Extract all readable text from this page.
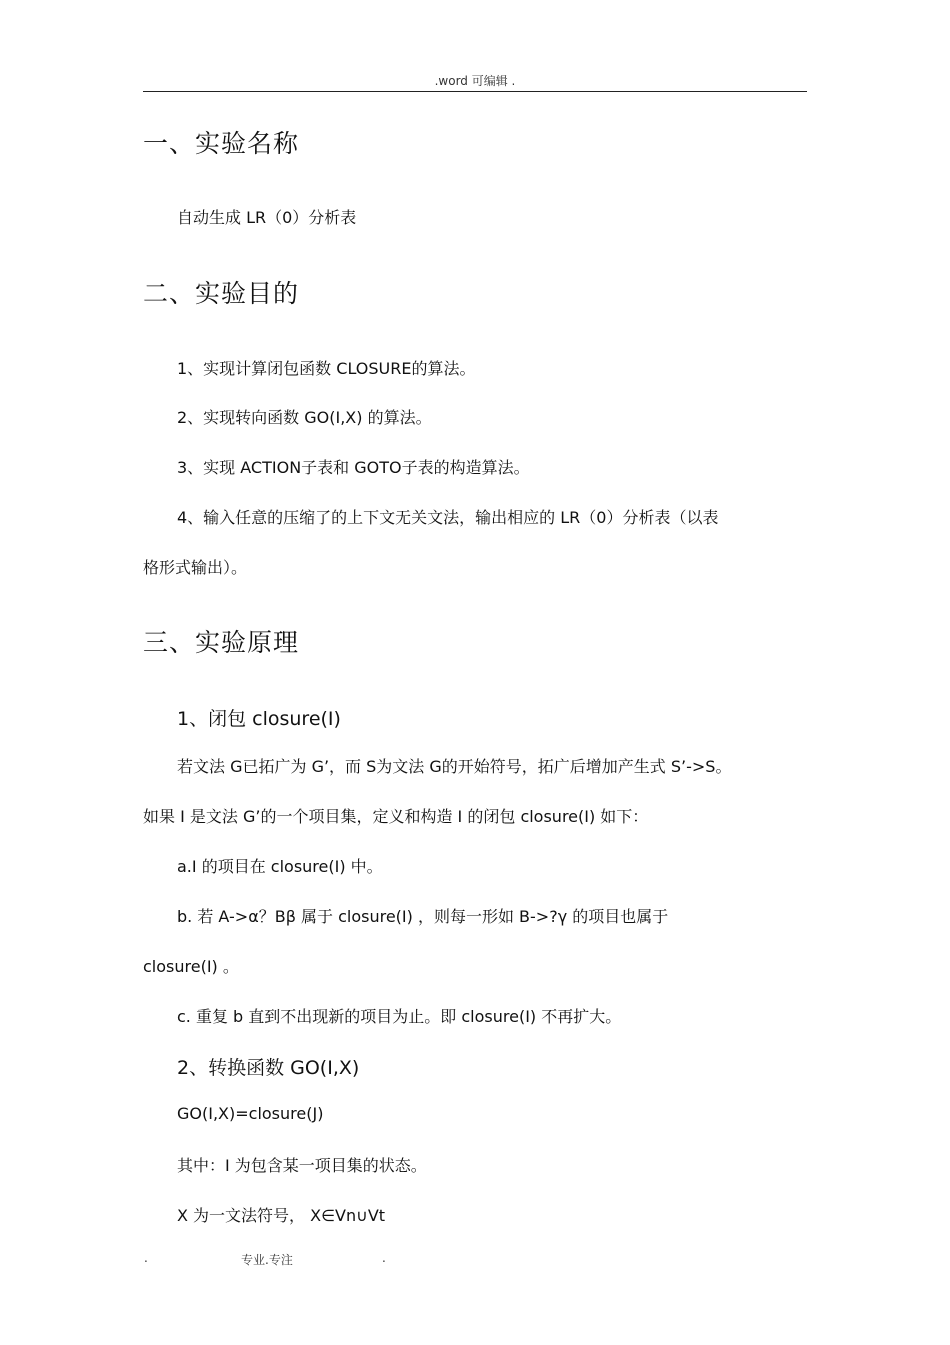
.word 可编辑 .
一、实验名称
自动生成 LR（0）分析表
二、实验目的
1、实现计算闭包函数 CLOSURE的算法。
2、实现转向函数 GO(I,X) 的算法。
3、实现 ACTION子表和 GOTO子表的构造算法。
4、输入任意的压缩了的上下文无关文法，输出相应的 LR（0）分析表（以表
格形式输出）。
三、实验原理
1、闭包 closure(I)
若文法 G已拓广为 G’，而 S为文法 G的开始符号，拓广后增加产生式 S’->S。
如果 I 是文法 G’的一个项目集，定义和构造 I 的闭包 closure(I) 如下：
a.I 的项目在 closure(I) 中。
b. 若 A->α？Bβ 属于 closure(I) ，则每一形如 B->?γ 的项目也属于
closure(I) 。
c. 重复 b 直到不出现新的项目为止。即 closure(I) 不再扩大。
2、转换函数 GO(I,X)
GO(I,X)=closure(J)
其中：I 为包含某一项目集的状态。
X 为一文法符号， X∈Vn∪Vt
.	专业.专注	.
